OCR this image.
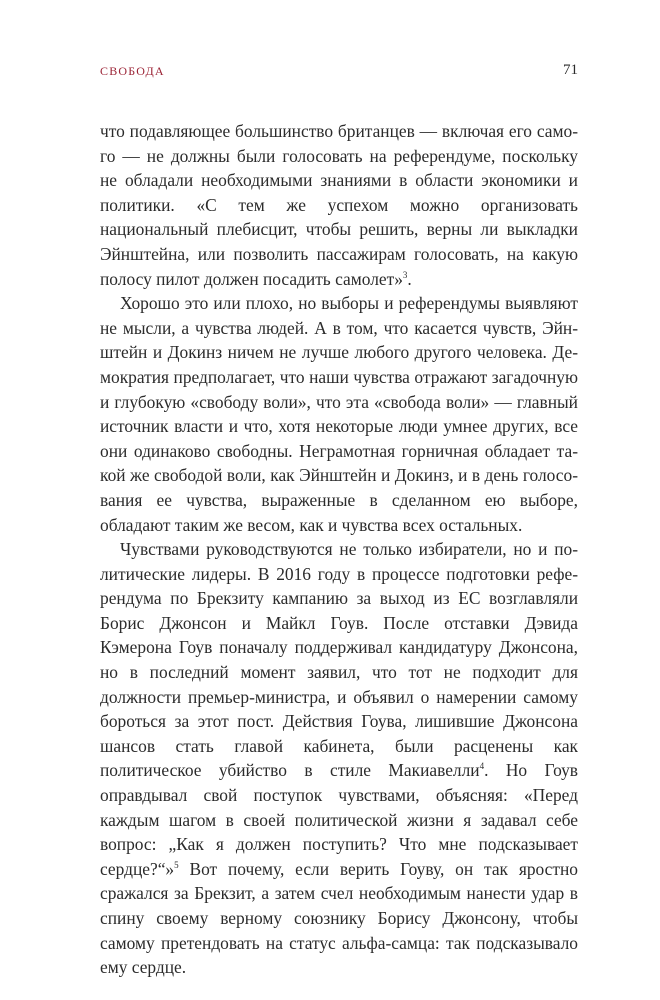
СВОБОДА	71

что подавляющее большинство британцев — включая его самого — не должны были голосовать на референдуме, поскольку не обладали необходимыми знаниями в области экономики и политики. «С тем же успехом можно организовать национальный плебисцит, чтобы решить, верны ли выкладки Эйнштейна, или позволить пассажирам голосовать, на какую полосу пилот должен посадить самолет»$^3$.

Хорошо это или плохо, но выборы и референдумы выявляют не мысли, а чувства людей. А в том, что касается чувств, Эйнштейн и Докинз ничем не лучше любого другого человека. Демократия предполагает, что наши чувства отражают загадочную и глубокую «свободу воли», что эта «свобода воли» — главный источник власти и что, хотя некоторые люди умнее других, все они одинаково свободны. Неграмотная горничная обладает такой же свободой воли, как Эйнштейн и Докинз, и в день голосования ее чувства, выраженные в сделанном ею выборе, обладают таким же весом, как и чувства всех остальных.

Чувствами руководствуются не только избиратели, но и политические лидеры. В 2016 году в процессе подготовки референдума по Брекзиту кампанию за выход из ЕС возглавляли Борис Джонсон и Майкл Гоув. После отставки Дэвида Кэмерона Гоув поначалу поддерживал кандидатуру Джонсона, но в последний момент заявил, что тот не подходит для должности премьер-министра, и объявил о намерении самому бороться за этот пост. Действия Гоува, лишившие Джонсона шансов стать главой кабинета, были расценены как политическое убийство в стиле Макиавелли$^4$. Но Гоув оправдывал свой поступок чувствами, объясняя: «Перед каждым шагом в своей политической жизни я задавал себе вопрос: „Как я должен поступить? Что мне подсказывает сердце?“»$^5$ Вот почему, если верить Гоуву, он так яростно сражался за Брекзит, а затем счел необходимым нанести удар в спину своему верному союзнику Борису Джонсону, чтобы самому претендовать на статус альфа-самца: так подсказывало ему сердце.
